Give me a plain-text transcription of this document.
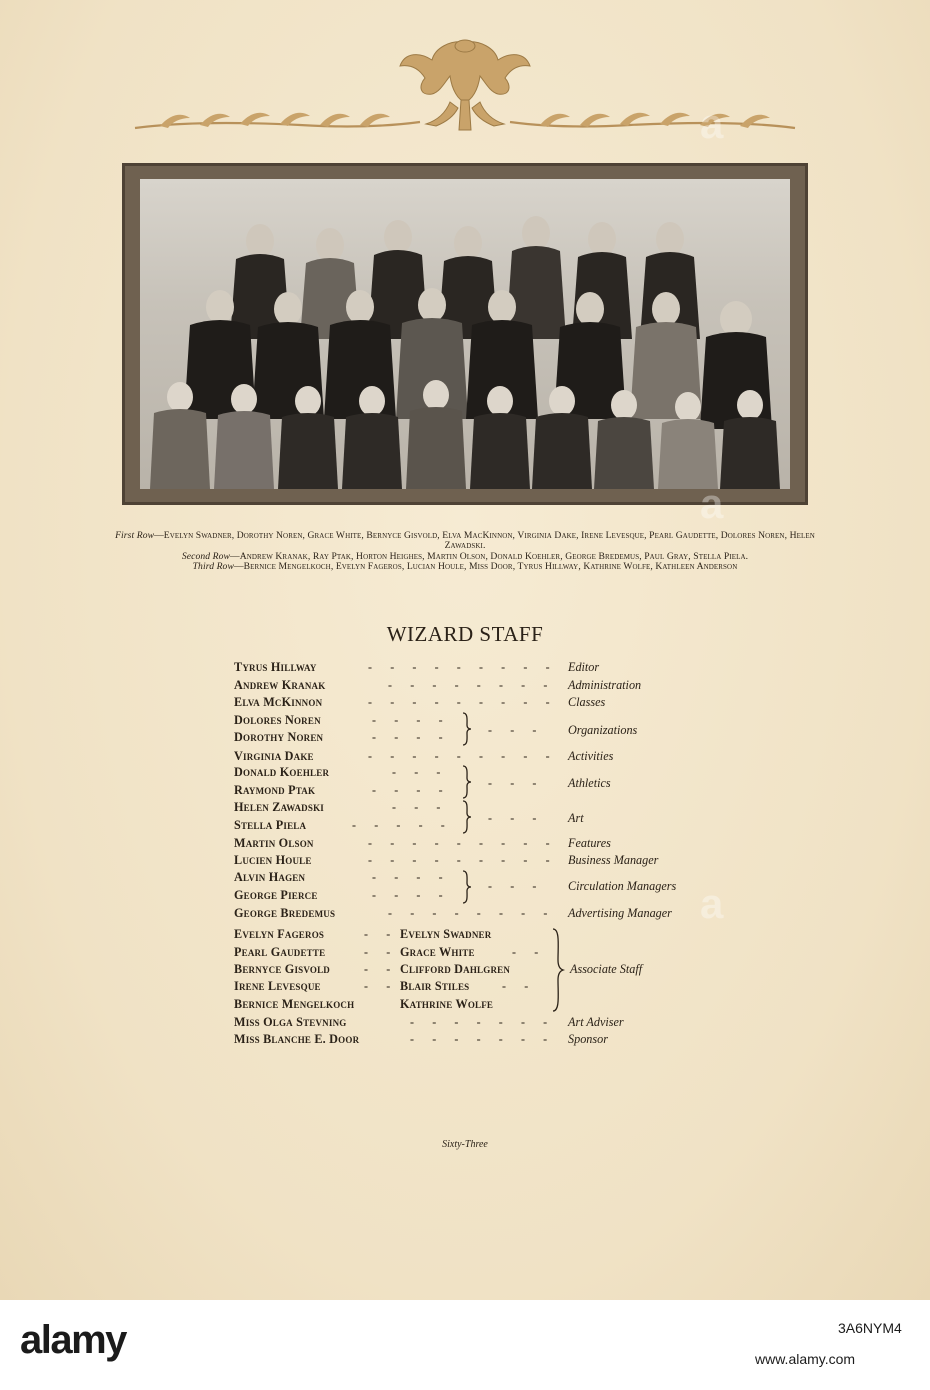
First Row—Evelyn Swadner, Dorothy Noren, Grace White, Bernyce Gisvold, Elva MacKinnon, Virginia Dake, Irene Levesque, Pearl Gaudette, Dolores Noren, Helen Zawadski.
Second Row—Andrew Kranak, Ray Ptak, Horton Heighes, Martin Olson, Donald Koehler, George Bredemus, Paul Gray, Stella Piela.
Third Row—Bernice Mengelkoch, Evelyn Fageros, Lucian Houle, Miss Door, Tyrus Hillway, Kathrine Wolfe, Kathleen Anderson
WIZARD STAFF
Tyrus Hillway	- - - - - - - - - Editor
Andrew Kranak	- - - - - - - - Administration
Elva McKinnon	- - - - - - - - - Classes
Dolores Noren	- - - -
Dorothy Noren	- - - -	- - - Organizations
Virginia Dake	- - - - - - - - - Activities
Donald Koehler	- - -
Raymond Ptak	- - - -	- - - Athletics
Helen Zawadski	- - -
Stella Piela	- - - - -	- - - Art
Martin Olson	- - - - - - - - - Features
Lucien Houle	- - - - - - - - - Business Manager
Alvin Hagen	- - - -
George Pierce	- - - -
- - - Circulation Managers
George Bredemus	- - - - - - - - Advertising Manager
Evelyn Fageros	- - Evelyn Swadner
Pearl Gaudette	- - Grace White	- -
Bernyce Gisvold	- - Clifford Dahlgren
Irene Levesque	- - Blair Stiles	- -
Bernice Mengelkoch	Kathrine Wolfe
Associate Staff
Miss Olga Stevning	- - - - - - - Art Adviser
Miss Blanche E. Door	- - - - - - - Sponsor
Sixty-Three
a
a
a
alamy	3A6NYM4
www.alamy.com
